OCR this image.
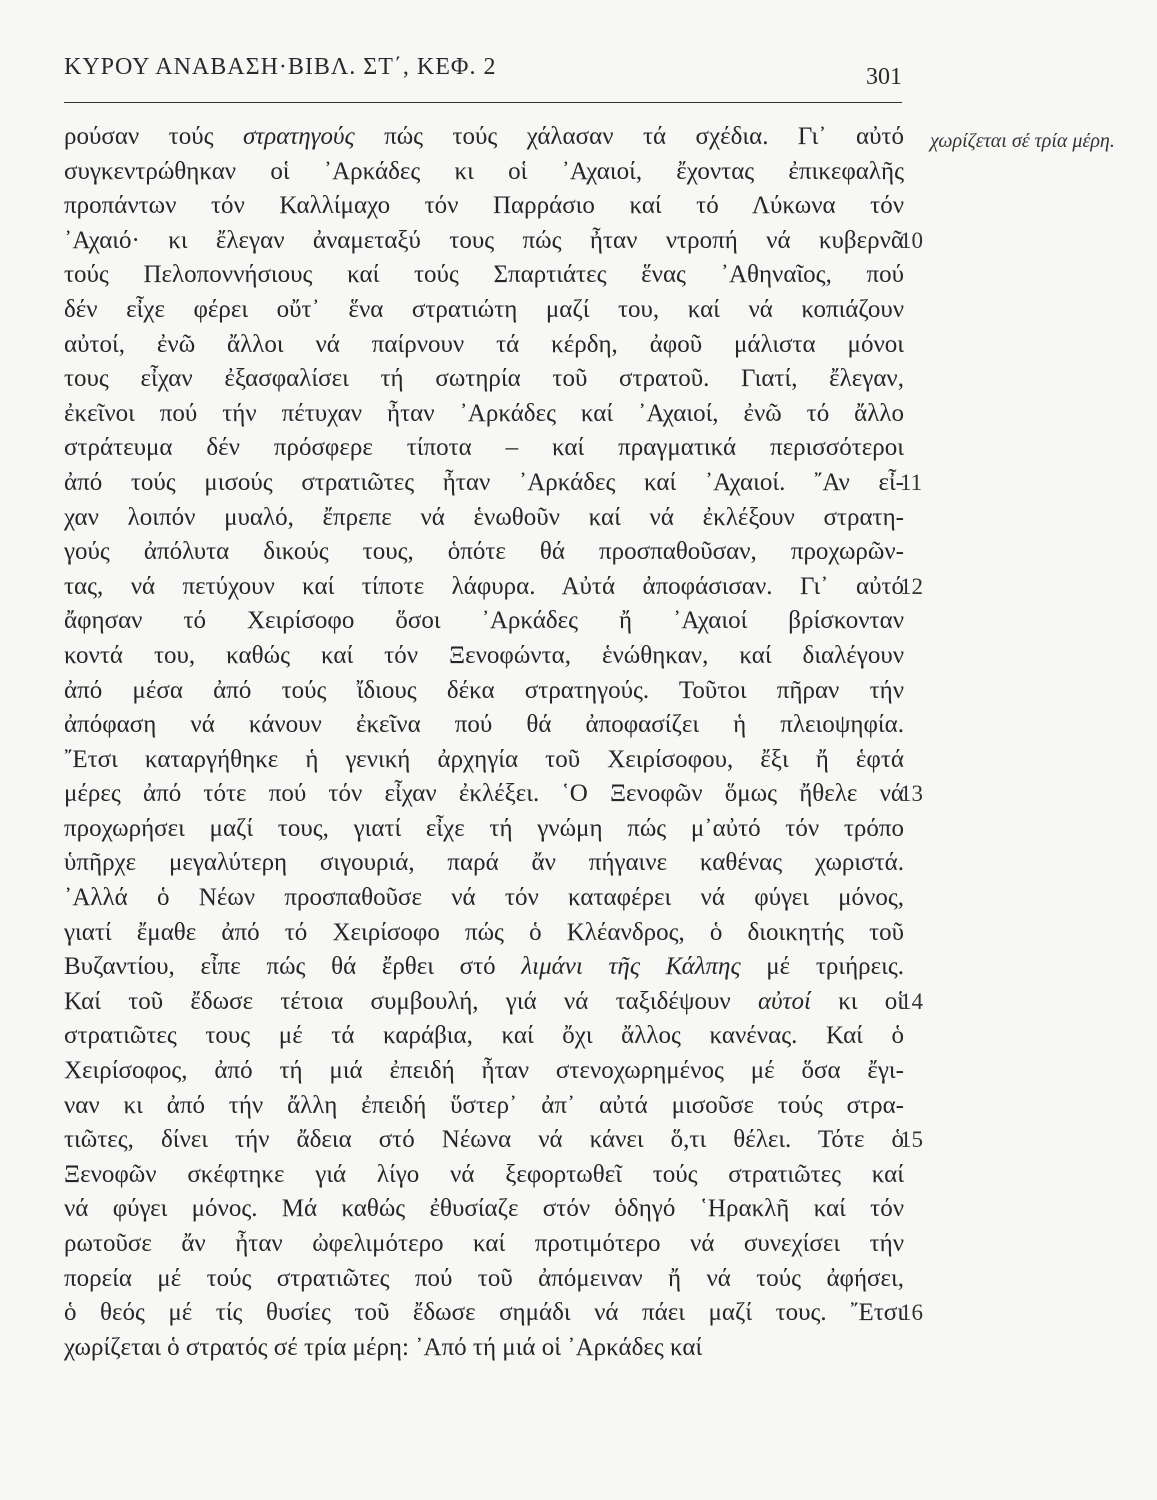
ΚΥΡΟΥ ΑΝΑΒΑΣΗ·ΒΙΒΛ. ΣΤ΄, ΚΕΦ. 2	301
χωρίζεται σέ τρία μέρη.
ρούσαν τούς στρατηγούς πώς τούς χάλασαν τά σχέδια. Γι᾽ αὐτό
συγκεντρώθηκαν οἱ ᾽Αρκάδες κι οἱ ᾽Αχαιοί, ἔχοντας ἐπικεφαλῆς
προπάντων τόν Καλλίμαχο τόν Παρράσιο καί τό Λύκωνα τόν
᾽Αχαιό· κι ἔλεγαν ἀναμεταξύ τους πώς ἦταν ντροπή νά κυβερνᾶ
τούς Πελοποννήσιους καί τούς Σπαρτιάτες ἕνας ᾽Αθηναῖος, πού
δέν εἶχε φέρει οὔτ᾽ ἕνα στρατιώτη μαζί του, καί νά κοπιάζουν
αὐτοί, ἐνῶ ἄλλοι νά παίρνουν τά κέρδη, ἀφοῦ μάλιστα μόνοι
τους εἶχαν ἐξασφαλίσει τή σωτηρία τοῦ στρατοῦ. Γιατί, ἔλεγαν,
ἐκεῖνοι πού τήν πέτυχαν ἦταν ᾽Αρκάδες καί ᾽Αχαιοί, ἐνῶ τό ἄλλο
στράτευμα δέν πρόσφερε τίποτα – καί πραγματικά περισσότεροι
ἀπό τούς μισούς στρατιῶτες ἦταν ᾽Αρκάδες καί ᾽Αχαιοί. ῎Αν εἶ-
χαν λοιπόν μυαλό, ἔπρεπε νά ἑνωθοῦν καί νά ἐκλέξουν στρατη-
γούς ἀπόλυτα δικούς τους, ὁπότε θά προσπαθοῦσαν, προχωρῶν-
τας, νά πετύχουν καί τίποτε λάφυρα. Αὐτά ἀποφάσισαν. Γι᾽ αὐτό
ἄφησαν τό Χειρίσοφο ὅσοι ᾽Αρκάδες ἤ ᾽Αχαιοί βρίσκονταν
κοντά του, καθώς καί τόν Ξενοφώντα, ἑνώθηκαν, καί διαλέγουν
ἀπό μέσα ἀπό τούς ἴδιους δέκα στρατηγούς. Τοῦτοι πῆραν τήν
ἀπόφαση νά κάνουν ἐκεῖνα πού θά ἀποφασίζει ἡ πλειοψηφία.
῎Ετσι καταργήθηκε ἡ γενική ἀρχηγία τοῦ Χειρίσοφου, ἔξι ἤ ἑφτά
μέρες ἀπό τότε πού τόν εἶχαν ἐκλέξει. ῾Ο Ξενοφῶν ὅμως ἤθελε νά
προχωρήσει μαζί τους, γιατί εἶχε τή γνώμη πώς μ᾽αὐτό τόν τρόπο
ὑπῆρχε μεγαλύτερη σιγουριά, παρά ἄν πήγαινε καθένας χωριστά.
᾽Αλλά ὁ Νέων προσπαθοῦσε νά τόν καταφέρει νά φύγει μόνος,
γιατί ἔμαθε ἀπό τό Χειρίσοφο πώς ὁ Κλέανδρος, ὁ διοικητής τοῦ
Βυζαντίου, εἶπε πώς θά ἔρθει στό λιμάνι τῆς Κάλπης μέ τριήρεις.
Καί τοῦ ἔδωσε τέτοια συμβουλή, γιά νά ταξιδέψουν αὐτοί κι οἱ
στρατιῶτες τους μέ τά καράβια, καί ὄχι ἄλλος κανένας. Καί ὁ
Χειρίσοφος, ἀπό τή μιά ἐπειδή ἦταν στενοχωρημένος μέ ὅσα ἔγι-
ναν κι ἀπό τήν ἄλλη ἐπειδή ὕστερ᾽ ἀπ᾽ αὐτά μισοῦσε τούς στρα-
τιῶτες, δίνει τήν ἄδεια στό Νέωνα νά κάνει ὅ,τι θέλει. Τότε ὁ
Ξενοφῶν σκέφτηκε γιά λίγο νά ξεφορτωθεῖ τούς στρατιῶτες καί
νά φύγει μόνος. Μά καθώς ἐθυσίαζε στόν ὁδηγό ῾Ηρακλῆ καί τόν
ρωτοῦσε ἄν ἦταν ὠφελιμότερο καί προτιμότερο νά συνεχίσει τήν
πορεία μέ τούς στρατιῶτες πού τοῦ ἀπόμειναν ἤ νά τούς ἀφήσει,
ὁ θεός μέ τίς θυσίες τοῦ ἔδωσε σημάδι νά πάει μαζί τους. ῎Ετσι
χωρίζεται ὁ στρατός σέ τρία μέρη: ᾽Από τή μιά οἱ ᾽Αρκάδες καί
10
11
12
13
14
15
16
